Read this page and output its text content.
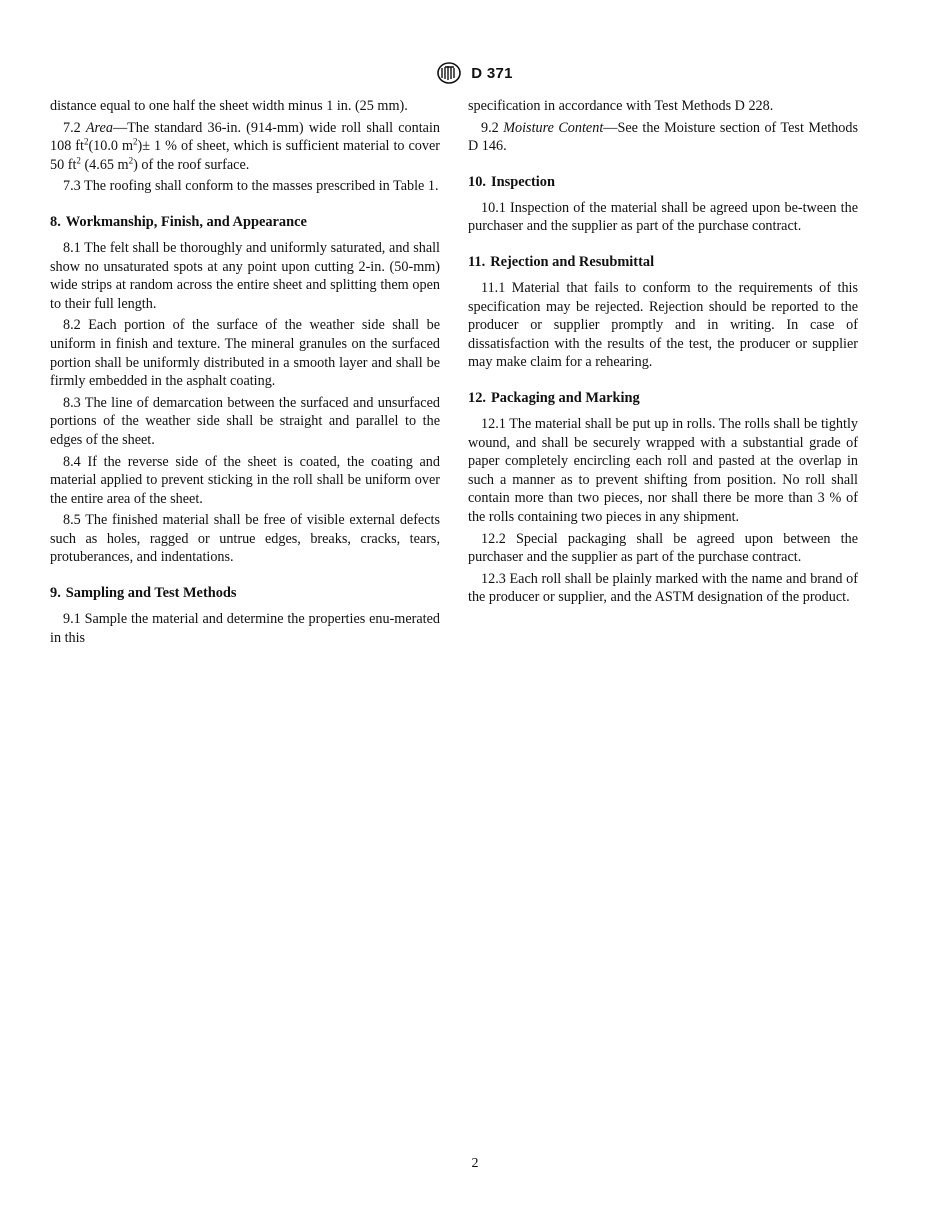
D 371

distance equal to one half the sheet width minus 1 in. (25 mm).

7.2 Area—The standard 36-in. (914-mm) wide roll shall contain 108 $ft^2(10.0$ $m^2)\pm 1$ % of sheet, which is sufficient material to cover 50 $ft^2$ (4.65 $m^2$) of the roof surface.

7.3 The roofing shall conform to the masses prescribed in Table 1.

8. Workmanship, Finish, and Appearance

8.1 The felt shall be thoroughly and uniformly saturated, and shall show no unsaturated spots at any point upon cutting 2-in. (50-mm) wide strips at random across the entire sheet and splitting them open to their full length.

8.2 Each portion of the surface of the weather side shall be uniform in finish and texture. The mineral granules on the surfaced portion shall be uniformly distributed in a smooth layer and shall be firmly embedded in the asphalt coating.

8.3 The line of demarcation between the surfaced and unsurfaced portions of the weather side shall be straight and parallel to the edges of the sheet.

8.4 If the reverse side of the sheet is coated, the coating and material applied to prevent sticking in the roll shall be uniform over the entire area of the sheet.

8.5 The finished material shall be free of visible external defects such as holes, ragged or untrue edges, breaks, cracks, tears, protuberances, and indentations.

9. Sampling and Test Methods

9.1 Sample the material and determine the properties enu-merated in this

specification in accordance with Test Methods D 228.

9.2 Moisture Content—See the Moisture section of Test Methods D 146.

10. Inspection

10.1 Inspection of the material shall be agreed upon be-tween the purchaser and the supplier as part of the purchase contract.

11. Rejection and Resubmittal

11.1 Material that fails to conform to the requirements of this specification may be rejected. Rejection should be reported to the producer or supplier promptly and in writing. In case of dissatisfaction with the results of the test, the producer or supplier may make claim for a rehearing.

12. Packaging and Marking

12.1 The material shall be put up in rolls. The rolls shall be tightly wound, and shall be securely wrapped with a substantial grade of paper completely encircling each roll and pasted at the overlap in such a manner as to prevent shifting from position. No roll shall contain more than two pieces, nor shall there be more than 3 % of the rolls containing two pieces in any shipment.

12.2 Special packaging shall be agreed upon between the purchaser and the supplier as part of the purchase contract.

12.3 Each roll shall be plainly marked with the name and brand of the producer or supplier, and the ASTM designation of the product.

2
